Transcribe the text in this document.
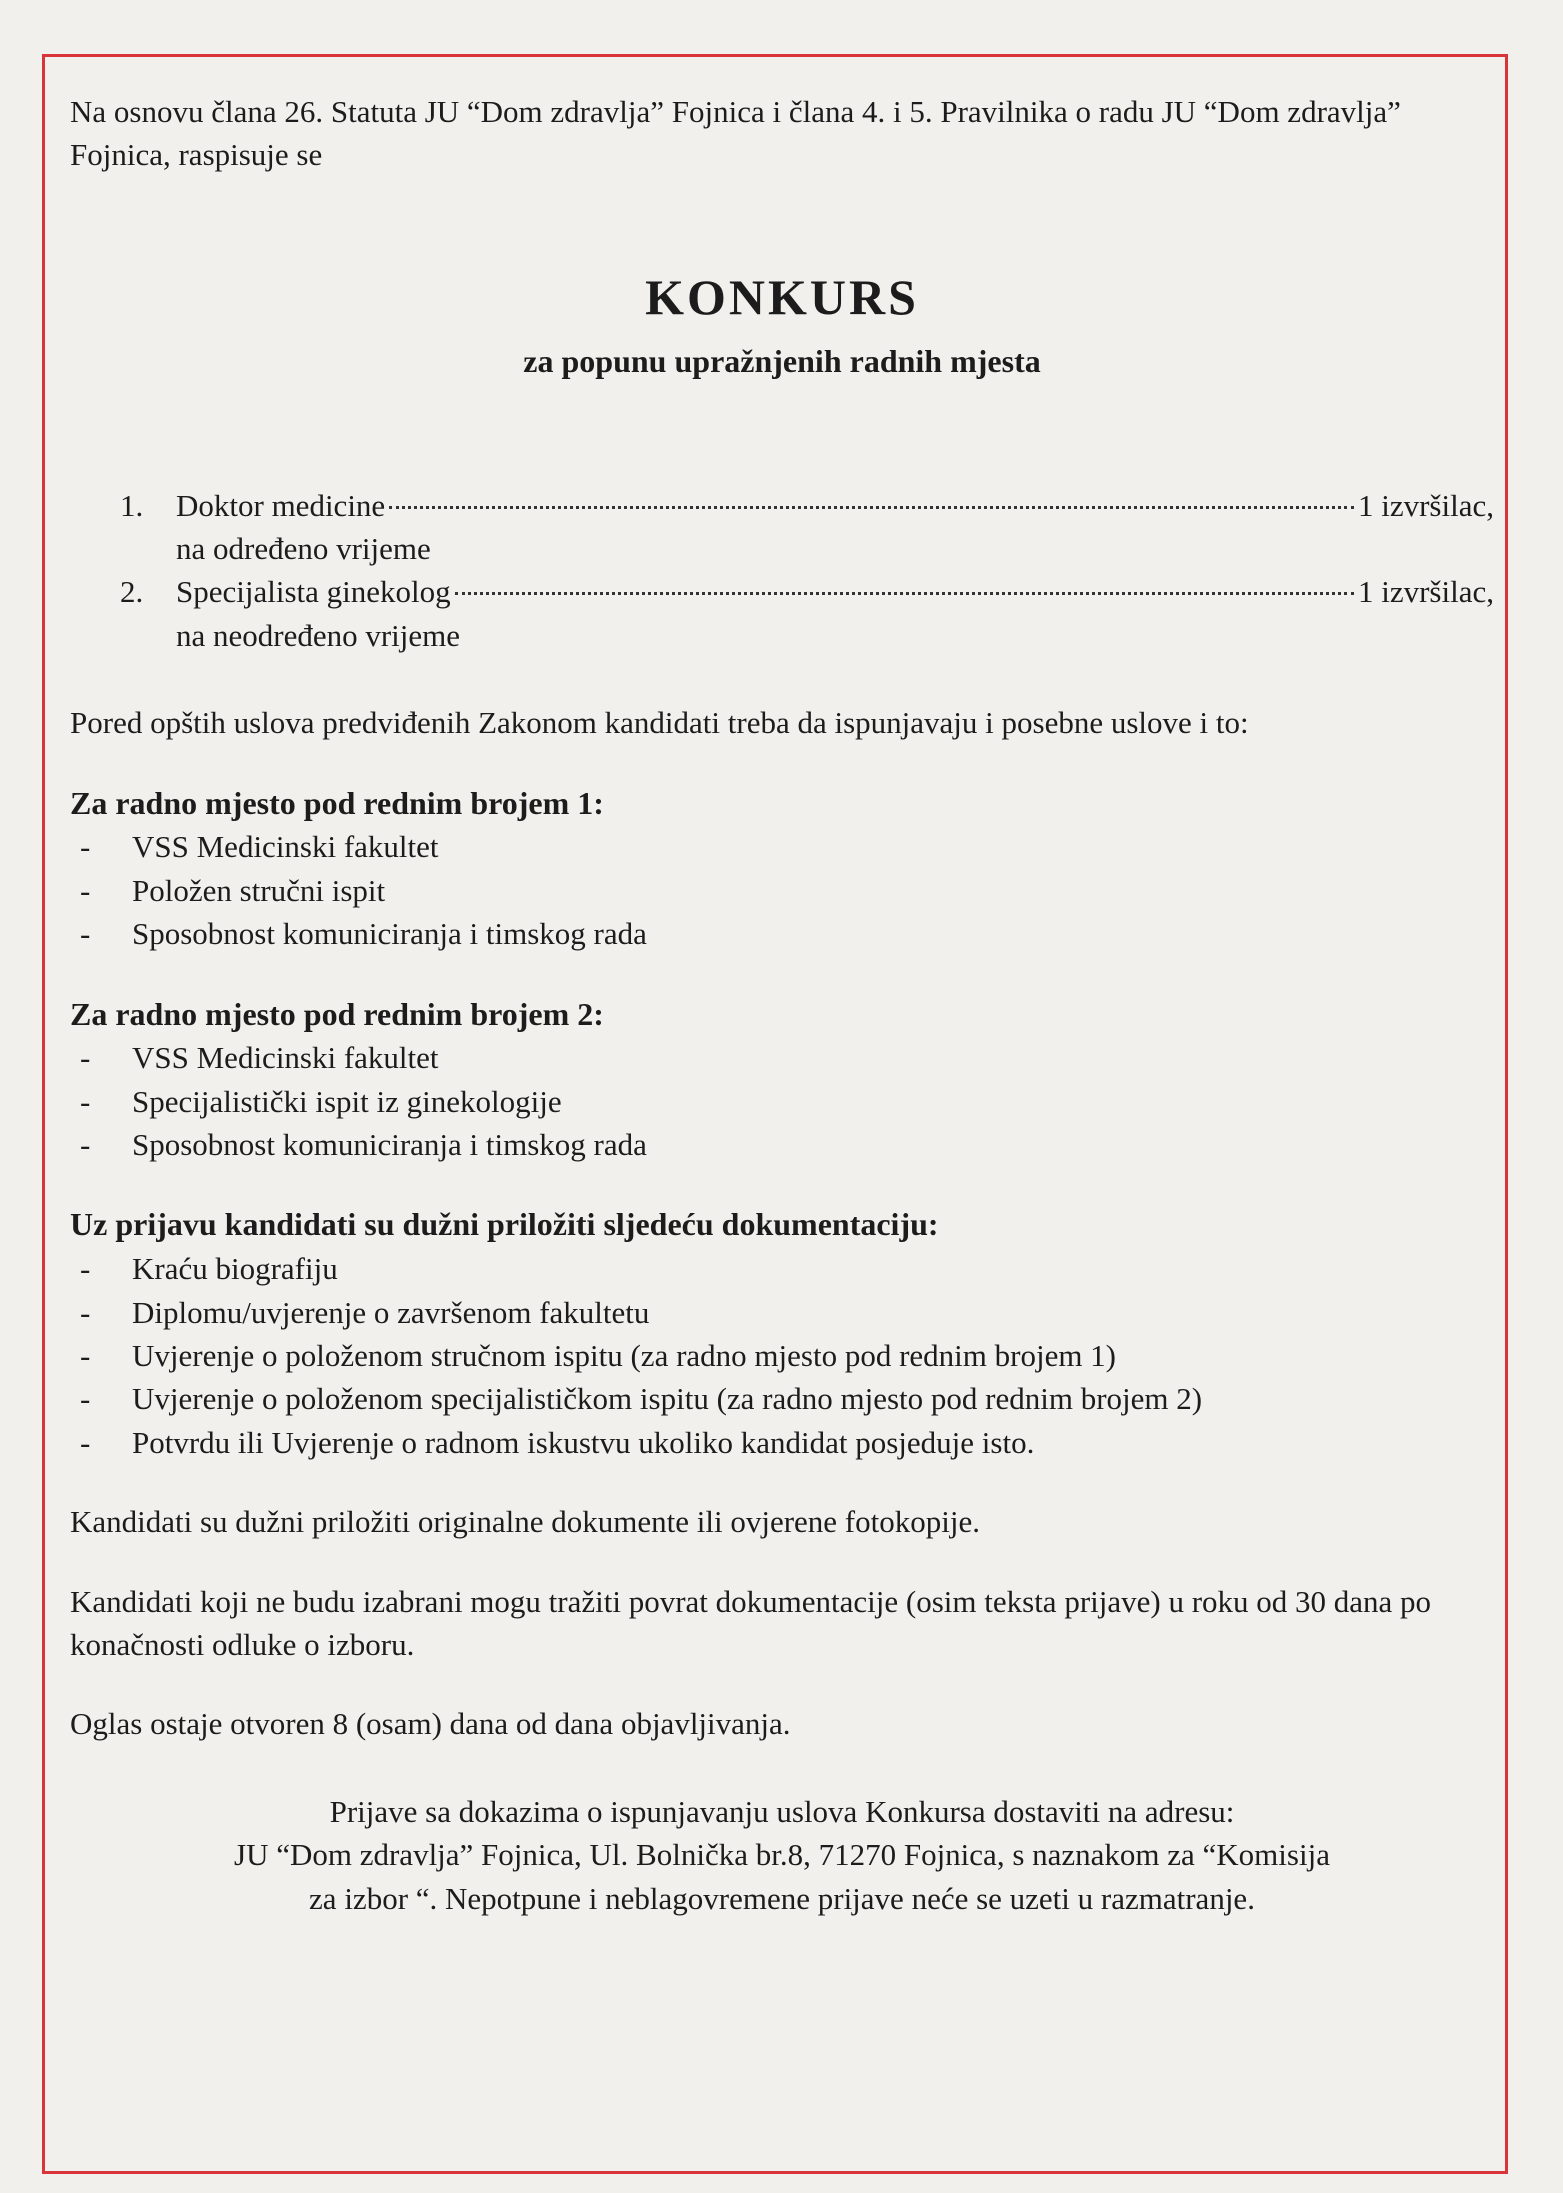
Na osnovu člana 26. Statuta JU “Dom zdravlja” Fojnica i člana 4. i 5. Pravilnika o radu JU “Dom zdravlja” Fojnica, raspisuje se

KONKURS

za popunu upražnjenih radnih mjesta

1.	Doktor medicine	1 izvršilac,
na određeno vrijeme
2.	Specijalista ginekolog	1 izvršilac,
na neodređeno vrijeme

Pored opštih uslova predviđenih Zakonom kandidati treba da ispunjavaju i posebne uslove i to:

Za radno mjesto pod rednim brojem 1:

-	VSS Medicinski fakultet
-	Položen stručni ispit
-	Sposobnost komuniciranja i timskog rada

Za radno mjesto pod rednim brojem 2:

-	VSS Medicinski fakultet
-	Specijalistički ispit iz ginekologije
-	Sposobnost komuniciranja i timskog rada

Uz prijavu kandidati su dužni priložiti sljedeću dokumentaciju:

-	Kraću biografiju
-	Diplomu/uvjerenje o završenom fakultetu
-	Uvjerenje o položenom stručnom ispitu (za radno mjesto pod rednim brojem 1)
-	Uvjerenje o položenom specijalističkom ispitu (za radno mjesto pod rednim brojem 2)
-	Potvrdu ili Uvjerenje o radnom iskustvu ukoliko kandidat posjeduje isto.

Kandidati su dužni priložiti originalne dokumente ili ovjerene fotokopije.

Kandidati koji ne budu izabrani mogu tražiti povrat dokumentacije (osim teksta prijave) u roku od 30 dana po konačnosti odluke o izboru.

Oglas ostaje otvoren 8 (osam) dana od dana objavljivanja.

Prijave sa dokazima o ispunjavanju uslova Konkursa dostaviti na adresu:
JU “Dom zdravlja” Fojnica, Ul. Bolnička br.8, 71270 Fojnica, s naznakom za “Komisija
za izbor “. Nepotpune i neblagovremene prijave neće se uzeti u razmatranje.
